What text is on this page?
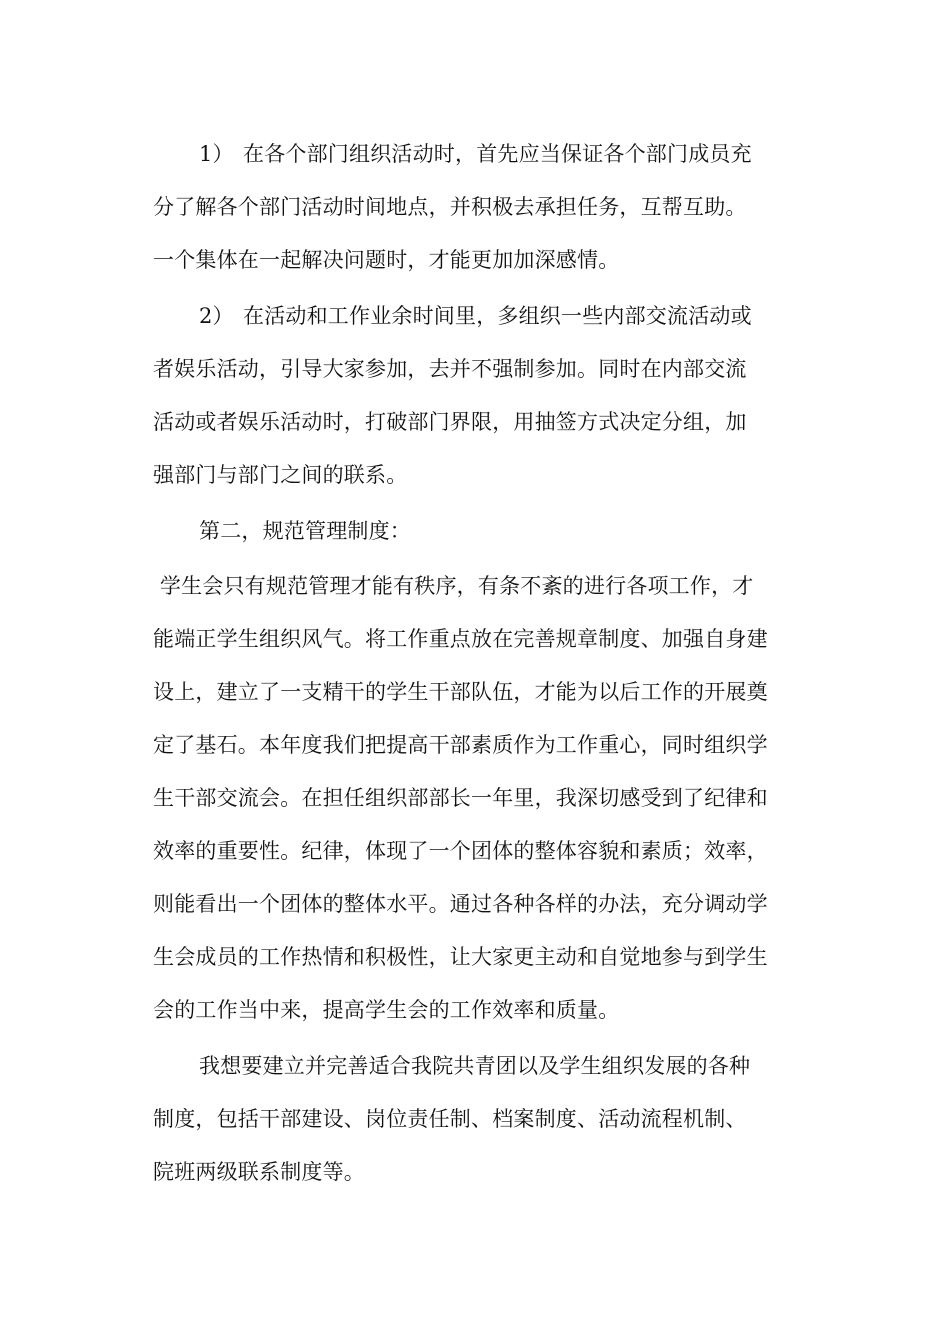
1） 在各个部门组织活动时，首先应当保证各个部门成员充
分了解各个部门活动时间地点，并积极去承担任务，互帮互助。
一个集体在一起解决问题时，才能更加加深感情。

2） 在活动和工作业余时间里，多组织一些内部交流活动或
者娱乐活动，引导大家参加，去并不强制参加。同时在内部交流
活动或者娱乐活动时，打破部门界限，用抽签方式决定分组，加
强部门与部门之间的联系。

第二，规范管理制度：

学生会只有规范管理才能有秩序，有条不紊的进行各项工作，才
能端正学生组织风气。将工作重点放在完善规章制度、加强自身建
设上，建立了一支精干的学生干部队伍，才能为以后工作的开展奠
定了基石。本年度我们把提高干部素质作为工作重心，同时组织学
生干部交流会。在担任组织部部长一年里，我深切感受到了纪律和
效率的重要性。纪律，体现了一个团体的整体容貌和素质；效率，
则能看出一个团体的整体水平。通过各种各样的办法，充分调动学
生会成员的工作热情和积极性，让大家更主动和自觉地参与到学生
会的工作当中来，提高学生会的工作效率和质量。

我想要建立并完善适合我院共青团以及学生组织发展的各种
制度，包括干部建设、岗位责任制、档案制度、活动流程机制、
院班两级联系制度等。
